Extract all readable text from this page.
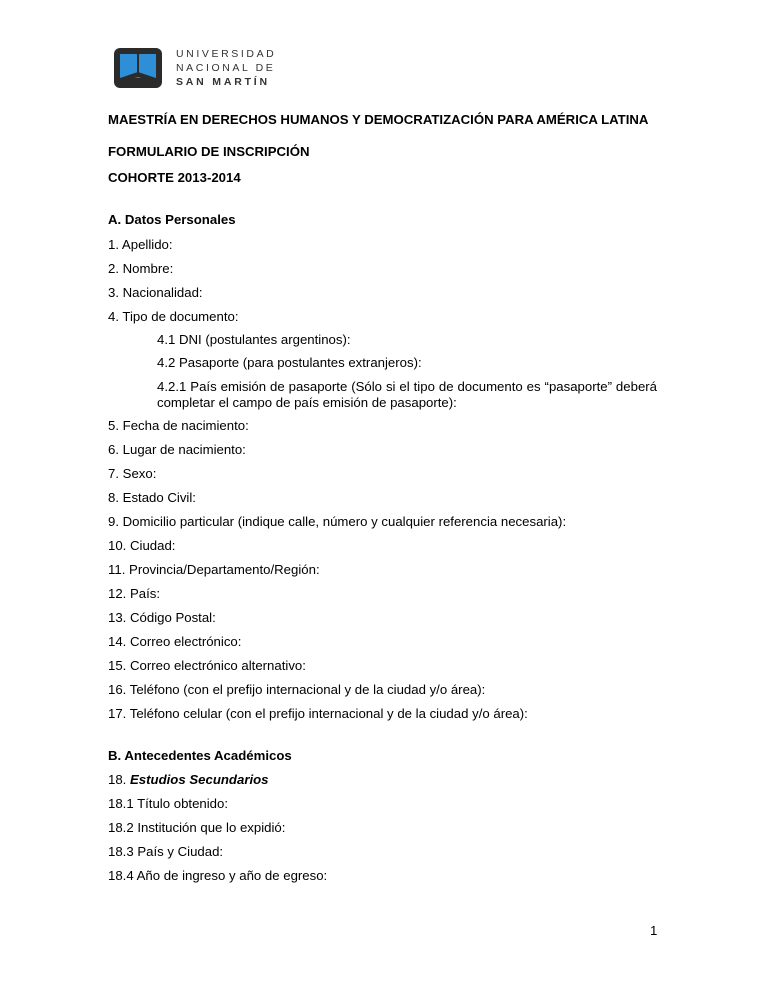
UNIVERSIDAD
NACIONAL DE
SAN MARTÍN
MAESTRÍA EN DERECHOS HUMANOS Y DEMOCRATIZACIÓN PARA AMÉRICA LATINA
FORMULARIO DE INSCRIPCIÓN
COHORTE 2013-2014
A. Datos Personales
1. Apellido:
2. Nombre:
3. Nacionalidad:
4. Tipo de documento:
4.1 DNI (postulantes argentinos):
4.2 Pasaporte (para postulantes extranjeros):
4.2.1 País emisión de pasaporte (Sólo si el tipo de documento es “pasaporte” deberá completar el campo de país emisión de pasaporte):
5. Fecha de nacimiento:
6. Lugar de nacimiento:
7. Sexo:
8. Estado Civil:
9. Domicilio particular (indique calle, número y cualquier referencia necesaria):
10. Ciudad:
11. Provincia/Departamento/Región:
12. País:
13. Código Postal:
14. Correo electrónico:
15. Correo electrónico alternativo:
16. Teléfono (con el prefijo internacional y de la ciudad y/o área):
17. Teléfono celular (con el prefijo internacional y de la ciudad y/o área):
B. Antecedentes Académicos
18. Estudios Secundarios
18.1 Título obtenido:
18.2 Institución que lo expidió:
18.3 País y Ciudad:
18.4 Año de ingreso y año de egreso:
1
